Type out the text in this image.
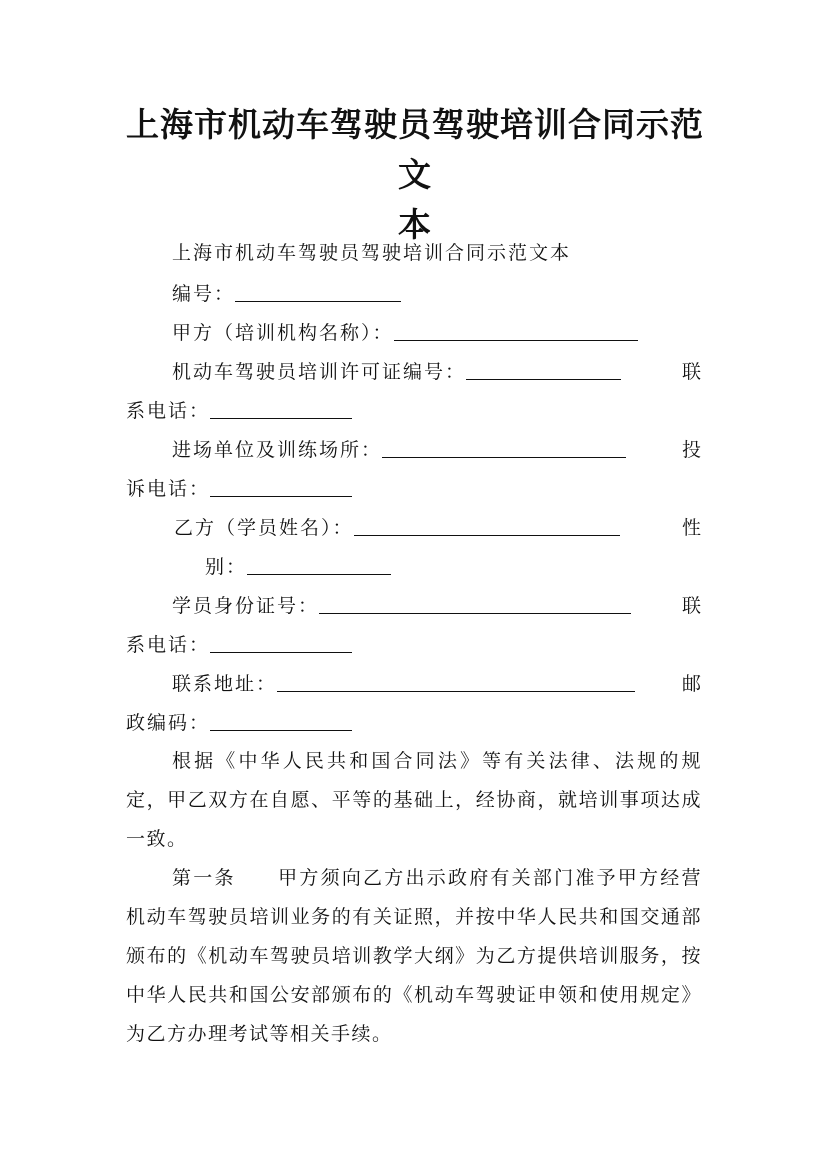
上海市机动车驾驶员驾驶培训合同示范文
本
上海市机动车驾驶员驾驶培训合同示范文本
编号：
甲方（培训机构名称）：
机动车驾驶员培训许可证编号：	联
系电话：
进场单位及训练场所：	投
诉电话：
乙方（学员姓名）：	性
别：
学员身份证号：	联
系电话：
联系地址：	邮
政编码：
根据《中华人民共和国合同法》等有关法律、法规的规定，甲乙双方在自愿、平等的基础上，经协商，就培训事项达成一致。
第一条　　甲方须向乙方出示政府有关部门准予甲方经营机动车驾驶员培训业务的有关证照，并按中华人民共和国交通部颁布的《机动车驾驶员培训教学大纲》为乙方提供培训服务，按中华人民共和国公安部颁布的《机动车驾驶证申领和使用规定》为乙方办理考试等相关手续。
